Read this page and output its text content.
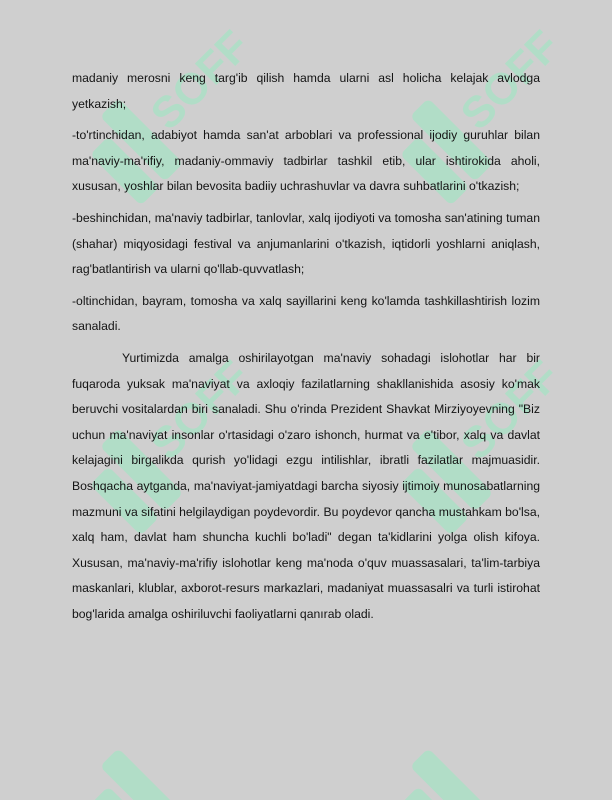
SOFF	SOFF
SOFF	SOFF

madaniy merosni keng targ'ib qilish hamda ularni asl holicha kelajak avlodga yetkazish;

-to'rtinchidan, adabiyot hamda san'at arboblari va professional ijodiy guruhlar bilan ma'naviy-ma'rifiy, madaniy-ommaviy tadbirlar tashkil etib, ular ishtirokida aholi, xususan, yoshlar bilan bevosita badiiy uchrashuvlar va davra suhbatlarini o'tkazish;

-beshinchidan, ma'naviy tadbirlar, tanlovlar, xalq ijodiyoti va tomosha san'atining tuman (shahar) miqyosidagi festival va anjumanlarini o'tkazish, iqtidorli yoshlarni aniqlash, rag'batlantirish va ularni qo'llab-quvvatlash;

-oltinchidan, bayram, tomosha va xalq sayillarini keng ko'lamda tashkillashtirish lozim sanaladi.

Yurtimizda amalga oshirilayotgan ma'naviy sohadagi islohotlar har bir fuqaroda yuksak ma'naviyat va axloqiy fazilatlarning shakllanishida asosiy ko'mak beruvchi vositalardan biri sanaladi. Shu o'rinda Prezident Shavkat Mirziyoyevning "Biz uchun ma'naviyat insonlar o'rtasidagi o'zaro ishonch, hurmat va e'tibor, xalq va davlat kelajagini birgalikda qurish yo'lidagi ezgu intilishlar, ibratli fazilatlar majmuasidir. Boshqacha aytganda, ma'naviyat-jamiyatdagi barcha siyosiy ijtimoiy munosabatlarning mazmuni va sifatini helgilaydigan poydevordir. Bu poydevor qancha mustahkam bo'lsa, xalq ham, davlat ham shuncha kuchli bo'ladi" degan ta'kidlarini yolga olish kifoya. Xususan, ma'naviy-ma'rifiy islohotlar keng ma'noda o'quv muassasalari, ta'lim-tarbiya maskanlari, klublar, axborot-resurs markazlari, madaniyat muassasalri va turli istirohat bog'larida amalga oshiriluvchi faoliyatlarni qanırab oladi.
